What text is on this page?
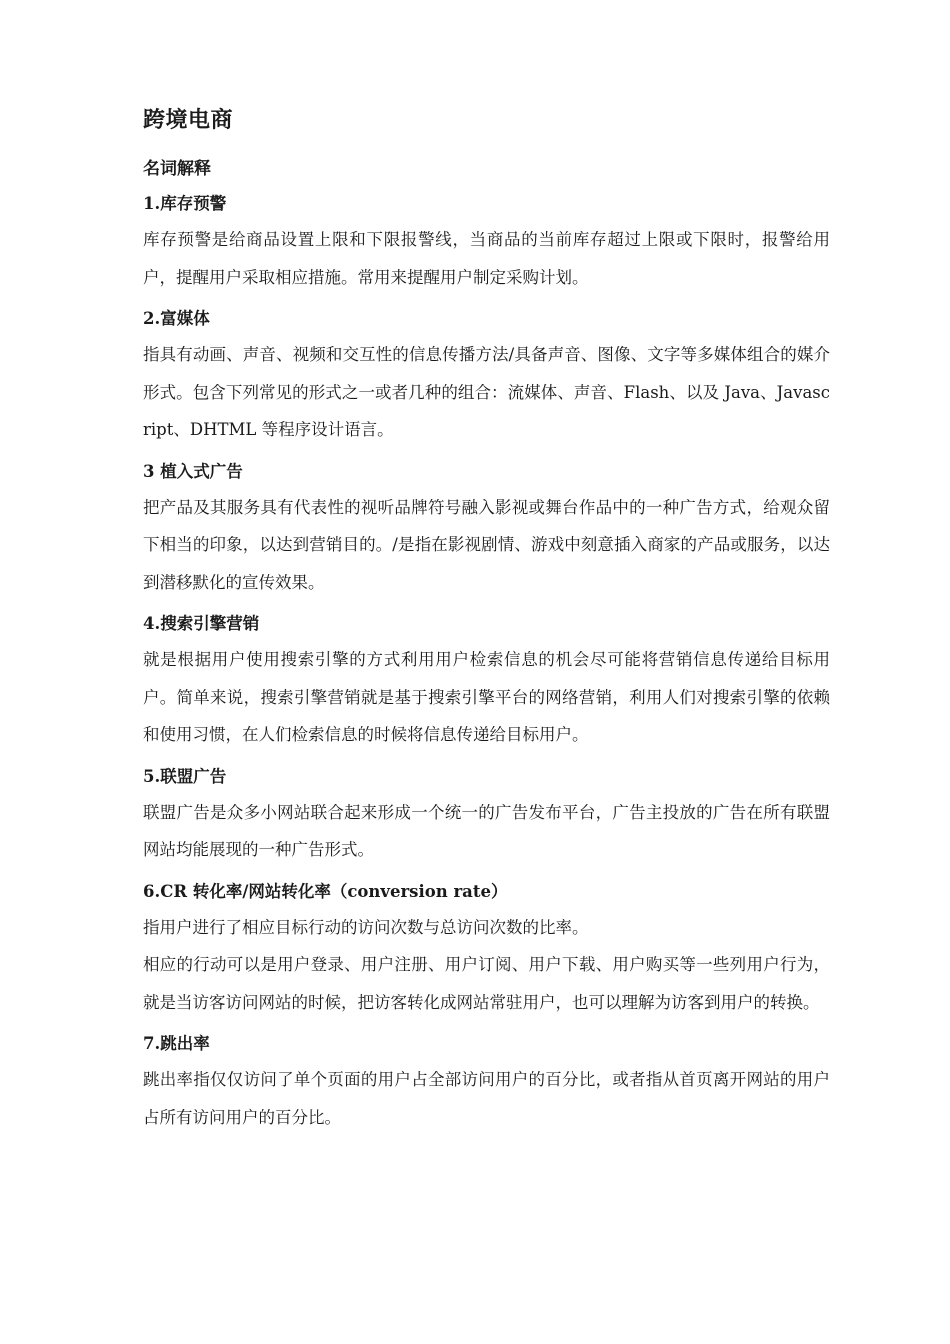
跨境电商
名词解释
1.库存预警

库存预警是给商品设置上限和下限报警线，当商品的当前库存超过上限或下限时，报警给用户，提醒用户采取相应措施。常用来提醒用户制定采购计划。

2.富媒体

指具有动画、声音、视频和交互性的信息传播方法/具备声音、图像、文字等多媒体组合的媒介形式。包含下列常见的形式之一或者几种的组合：流媒体、声音、Flash、以及 Java、Javascript、DHTML 等程序设计语言。

3 植入式广告

把产品及其服务具有代表性的视听品牌符号融入影视或舞台作品中的一种广告方式，给观众留下相当的印象，以达到营销目的。/是指在影视剧情、游戏中刻意插入商家的产品或服务，以达到潜移默化的宣传效果。

4.搜索引擎营销

就是根据用户使用搜索引擎的方式利用用户检索信息的机会尽可能将营销信息传递给目标用户。简单来说，搜索引擎营销就是基于搜索引擎平台的网络营销，利用人们对搜索引擎的依赖和使用习惯，在人们检索信息的时候将信息传递给目标用户。

5.联盟广告

联盟广告是众多小网站联合起来形成一个统一的广告发布平台，广告主投放的广告在所有联盟网站均能展现的一种广告形式。

6.CR 转化率/网站转化率（conversion rate）

指用户进行了相应目标行动的访问次数与总访问次数的比率。

相应的行动可以是用户登录、用户注册、用户订阅、用户下载、用户购买等一些列用户行为，就是当访客访问网站的时候，把访客转化成网站常驻用户，也可以理解为访客到用户的转换。

7.跳出率

跳出率指仅仅访问了单个页面的用户占全部访问用户的百分比，或者指从首页离开网站的用户占所有访问用户的百分比。
